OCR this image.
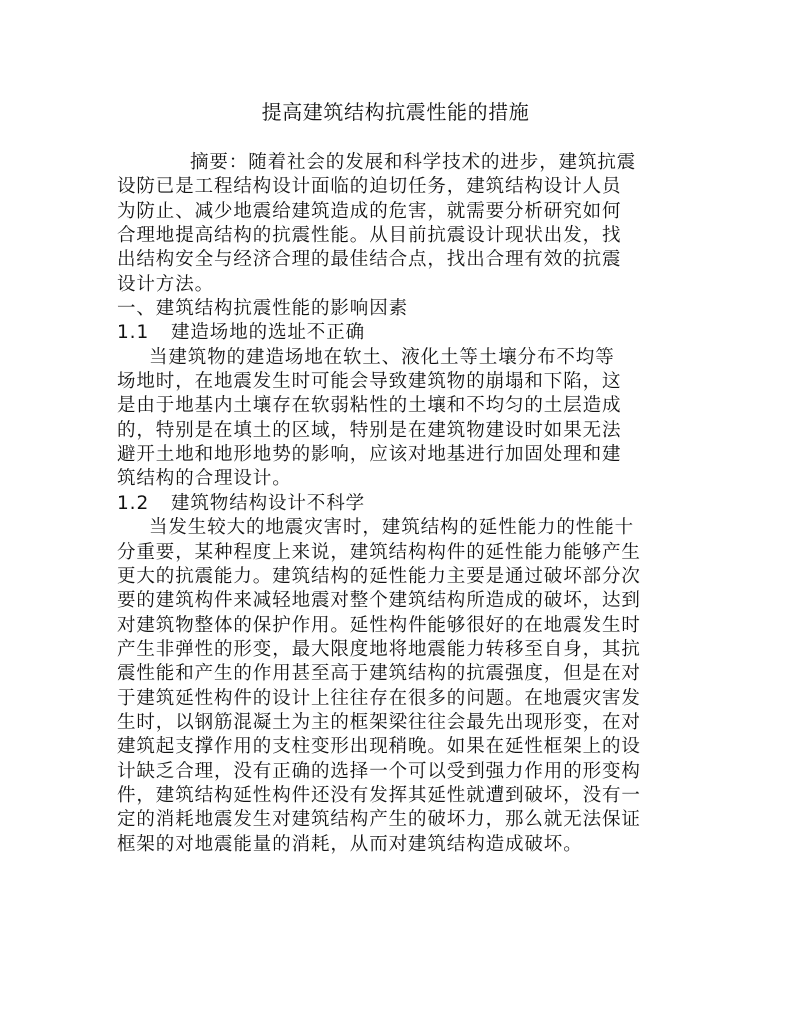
提高建筑结构抗震性能的措施
摘要：随着社会的发展和科学技术的进步，建筑抗震
设防已是工程结构设计面临的迫切任务，建筑结构设计人员
为防止、减少地震给建筑造成的危害，就需要分析研究如何
合理地提高结构的抗震性能。从目前抗震设计现状出发，找
出结构安全与经济合理的最佳结合点，找出合理有效的抗震
设计方法。
一、建筑结构抗震性能的影响因素
1.1 建造场地的选址不正确
当建筑物的建造场地在软土、液化土等土壤分布不均等
场地时，在地震发生时可能会导致建筑物的崩塌和下陷，这
是由于地基内土壤存在软弱粘性的土壤和不均匀的土层造成
的，特别是在填土的区域，特别是在建筑物建设时如果无法
避开土地和地形地势的影响，应该对地基进行加固处理和建
筑结构的合理设计。
1.2 建筑物结构设计不科学
当发生较大的地震灾害时，建筑结构的延性能力的性能十
分重要，某种程度上来说，建筑结构构件的延性能力能够产生
更大的抗震能力。建筑结构的延性能力主要是通过破坏部分次
要的建筑构件来减轻地震对整个建筑结构所造成的破坏，达到
对建筑物整体的保护作用。延性构件能够很好的在地震发生时
产生非弹性的形变，最大限度地将地震能力转移至自身，其抗
震性能和产生的作用甚至高于建筑结构的抗震强度，但是在对
于建筑延性构件的设计上往往存在很多的问题。在地震灾害发
生时，以钢筋混凝土为主的框架梁往往会最先出现形变，在对
建筑起支撑作用的支柱变形出现稍晚。如果在延性框架上的设
计缺乏合理，没有正确的选择一个可以受到强力作用的形变构
件，建筑结构延性构件还没有发挥其延性就遭到破坏，没有一
定的消耗地震发生对建筑结构产生的破坏力，那么就无法保证
框架的对地震能量的消耗，从而对建筑结构造成破坏。
